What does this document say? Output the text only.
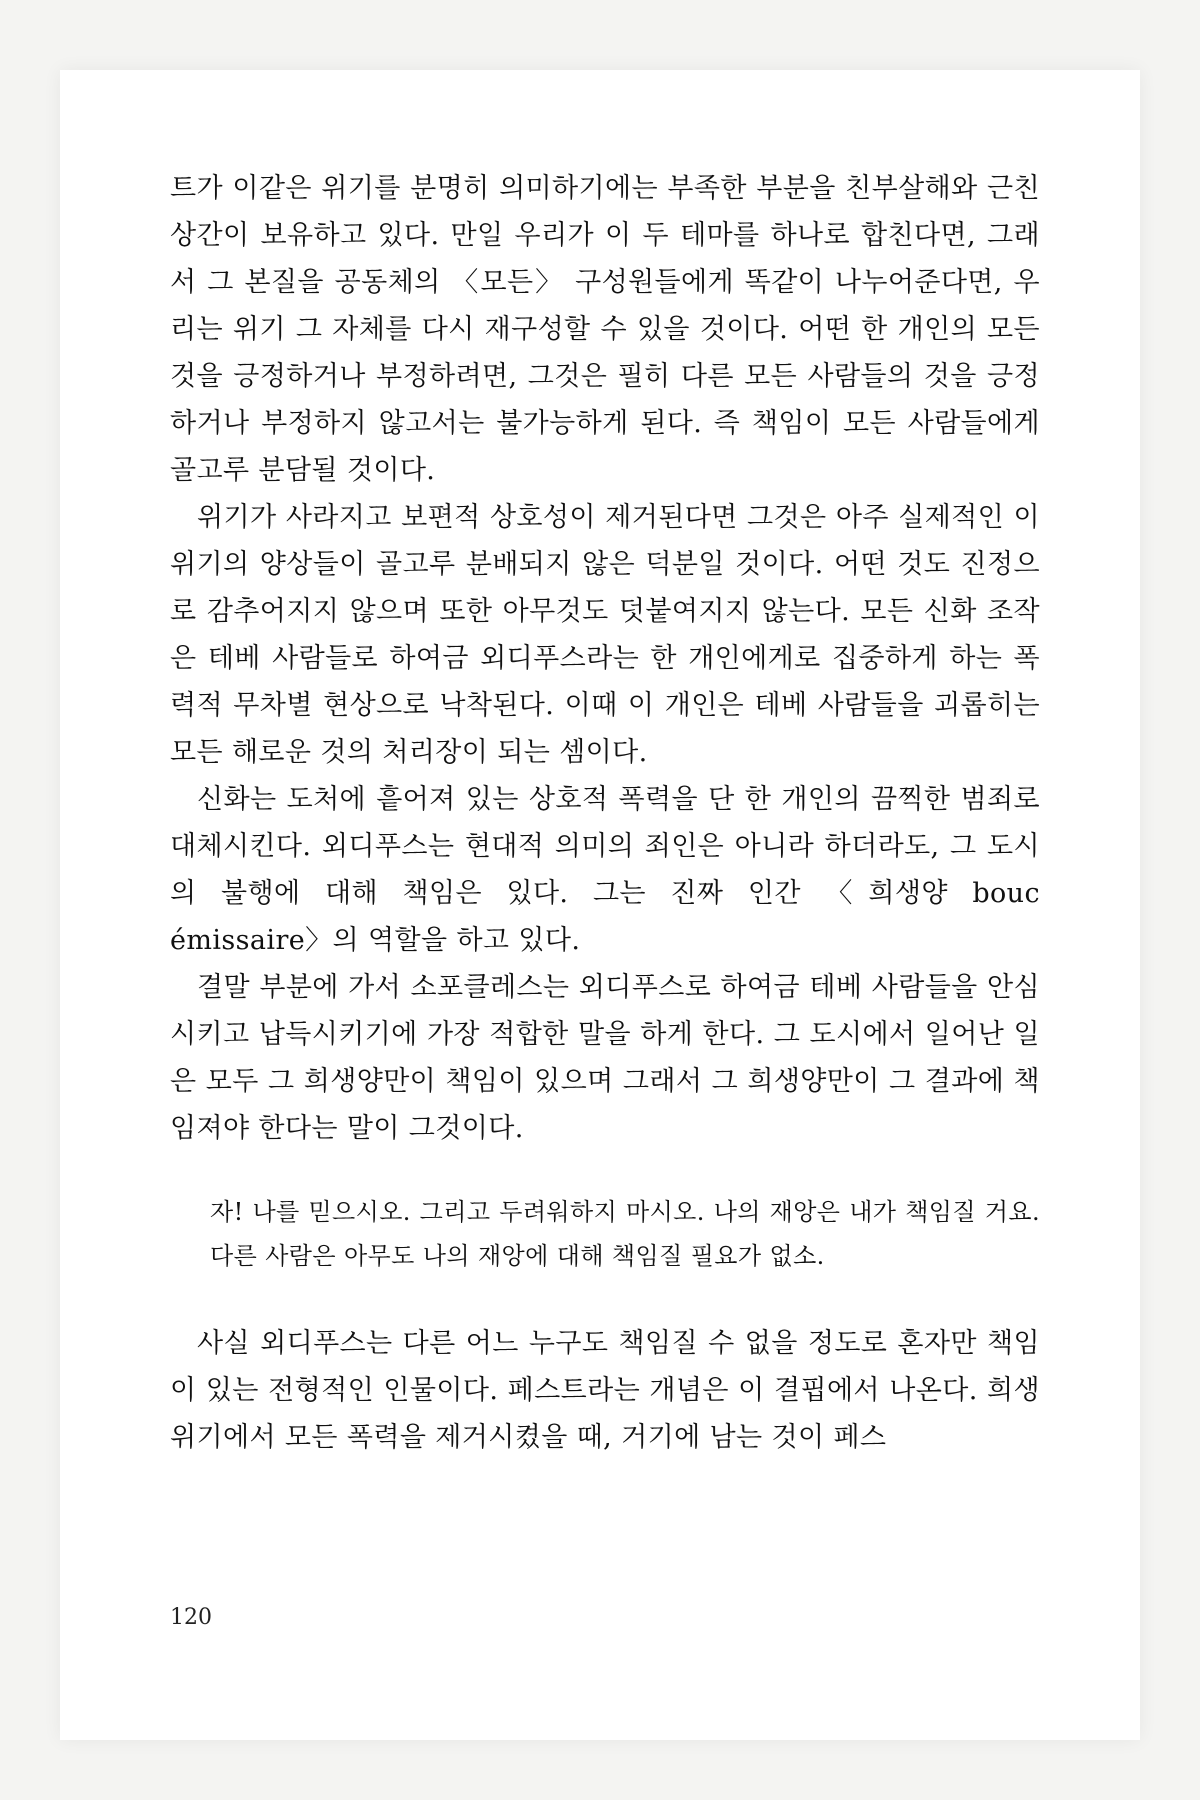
트가 이같은 위기를 분명히 의미하기에는 부족한 부분을 친부살해와 근친상간이 보유하고 있다. 만일 우리가 이 두 테마를 하나로 합친다면, 그래서 그 본질을 공동체의 〈모든〉 구성원들에게 똑같이 나누어준다면, 우리는 위기 그 자체를 다시 재구성할 수 있을 것이다. 어떤 한 개인의 모든 것을 긍정하거나 부정하려면, 그것은 필히 다른 모든 사람들의 것을 긍정하거나 부정하지 않고서는 불가능하게 된다. 즉 책임이 모든 사람들에게 골고루 분담될 것이다.

위기가 사라지고 보편적 상호성이 제거된다면 그것은 아주 실제적인 이 위기의 양상들이 골고루 분배되지 않은 덕분일 것이다. 어떤 것도 진정으로 감추어지지 않으며 또한 아무것도 덧붙여지지 않는다. 모든 신화 조작은 테베 사람들로 하여금 외디푸스라는 한 개인에게로 집중하게 하는 폭력적 무차별 현상으로 낙착된다. 이때 이 개인은 테베 사람들을 괴롭히는 모든 해로운 것의 처리장이 되는 셈이다.

신화는 도처에 흩어져 있는 상호적 폭력을 단 한 개인의 끔찍한 범죄로 대체시킨다. 외디푸스는 현대적 의미의 죄인은 아니라 하더라도, 그 도시의 불행에 대해 책임은 있다. 그는 진짜 인간 〈희생양 bouc émissaire〉의 역할을 하고 있다.

결말 부분에 가서 소포클레스는 외디푸스로 하여금 테베 사람들을 안심시키고 납득시키기에 가장 적합한 말을 하게 한다. 그 도시에서 일어난 일은 모두 그 희생양만이 책임이 있으며 그래서 그 희생양만이 그 결과에 책임져야 한다는 말이 그것이다.

자! 나를 믿으시오. 그리고 두려워하지 마시오. 나의 재앙은 내가 책임질 거요. 다른 사람은 아무도 나의 재앙에 대해 책임질 필요가 없소.

사실 외디푸스는 다른 어느 누구도 책임질 수 없을 정도로 혼자만 책임이 있는 전형적인 인물이다. 페스트라는 개념은 이 결핍에서 나온다. 희생위기에서 모든 폭력을 제거시켰을 때, 거기에 남는 것이 페스

120
